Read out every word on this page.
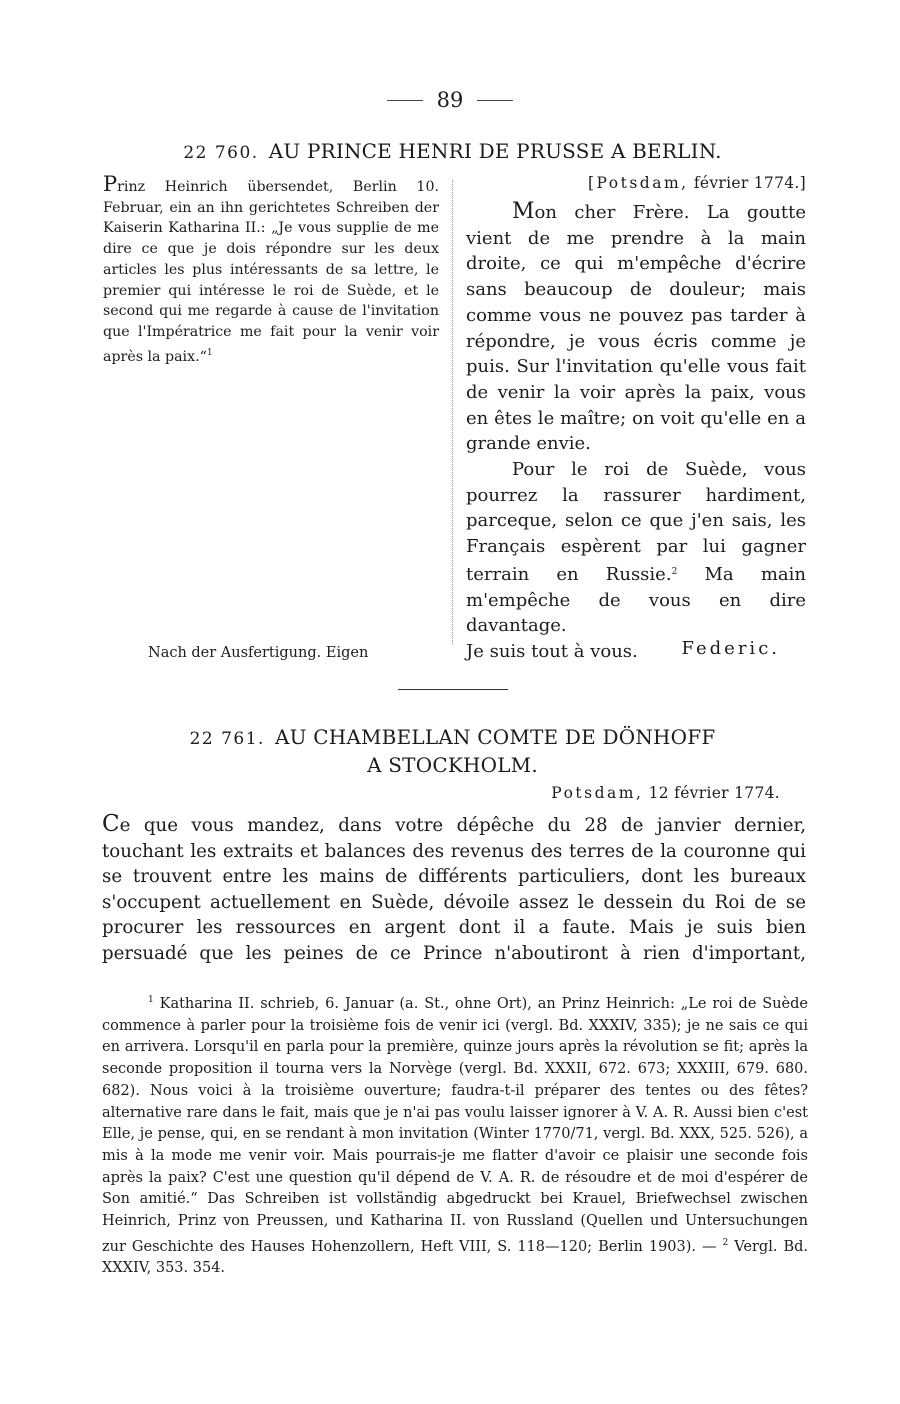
89
22 760. AU PRINCE HENRI DE PRUSSE A BERLIN.
Prinz Heinrich übersendet, Berlin 10. Februar, ein an ihn gerichtetes Schreiben der Kaiserin Katharina II.: „Je vous supplie de me dire ce que je dois répondre sur les deux articles les plus intéressants de sa lettre, le premier qui intéresse le roi de Suède, et le second qui me regarde à cause de l'invitation que l'Impératrice me fait pour la venir voir après la paix.“$^1$
[Potsdam, février 1774.]

Mon cher Frère. La goutte vient de me prendre à la main droite, ce qui m'empêche d'écrire sans beaucoup de douleur; mais comme vous ne pouvez pas tarder à répondre, je vous écris comme je puis. Sur l'invitation qu'elle vous fait de venir la voir après la paix, vous en êtes le maître; on voit qu'elle en a grande envie.

Pour le roi de Suède, vous pourrez la rassurer hardiment, parceque, selon ce que j'en sais, les Français espèrent par lui gagner terrain en Russie.$^2$ Ma main m'empêche de vous en dire davantage.

Je suis tout à vous.

Nach der Ausfertigung. Eigen	Federic.
22 761. AU CHAMBELLAN COMTE DE DÖNHOFF
A STOCKHOLM.
Potsdam, 12 février 1774.
Ce que vous mandez, dans votre dépêche du 28 de janvier dernier, touchant les extraits et balances des revenus des terres de la couronne qui se trouvent entre les mains de différents particuliers, dont les bureaux s'occupent actuellement en Suède, dévoile assez le dessein du Roi de se procurer les ressources en argent dont il a faute. Mais je suis bien persuadé que les peines de ce Prince n'aboutiront à rien d'important,
$^1$ Katharina II. schrieb, 6. Januar (a. St., ohne Ort), an Prinz Heinrich: „Le roi de Suède commence à parler pour la troisième fois de venir ici (vergl. Bd. XXXIV, 335); je ne sais ce qui en arrivera. Lorsqu'il en parla pour la première, quinze jours après la révolution se fit; après la seconde proposition il tourna vers la Norvège (vergl. Bd. XXXII, 672. 673; XXXIII, 679. 680. 682). Nous voici à la troisième ouverture; faudra-t-il préparer des tentes ou des fêtes? alternative rare dans le fait, mais que je n'ai pas voulu laisser ignorer à V. A. R. Aussi bien c'est Elle, je pense, qui, en se rendant à mon invitation (Winter 1770/71, vergl. Bd. XXX, 525. 526), a mis à la mode me venir voir. Mais pourrais-je me flatter d'avoir ce plaisir une seconde fois après la paix? C'est une question qu'il dépend de V. A. R. de résoudre et de moi d'espérer de Son amitié.“ Das Schreiben ist vollständig abgedruckt bei Krauel, Briefwechsel zwischen Heinrich, Prinz von Preussen, und Katharina II. von Russland (Quellen und Untersuchungen zur Geschichte des Hauses Hohenzollern, Heft VIII, S. 118—120; Berlin 1903). — $^2$ Vergl. Bd. XXXIV, 353. 354.
